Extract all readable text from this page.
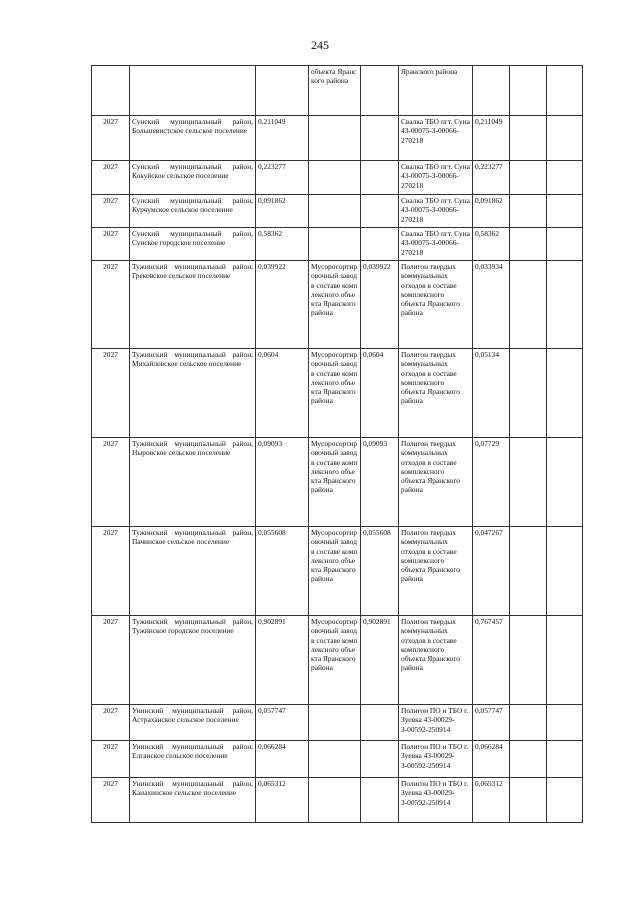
245

			объекта Яранского района		Яранского района			

2027	Сунский муниципальный район, Большевистское сельское поселение	0,211049			Свалка ТБО пгт. Суна 43-00075-З-00066-270218	0,211049		

2027	Сунский муниципальный район, Кокуйское сельское поселение	0,223277			Свалка ТБО пгт. Суна 43-00075-З-00066-270218	0,223277		

2027	Сунский муниципальный район, Курчумское сельское поселение	0,091862			Свалка ТБО пгт. Суна 43-00075-З-00066-270218	0,091862		

2027	Сунский муниципальный район, Сунское городское поселение	0,58362			Свалка ТБО пгт. Суна 43-00075-З-00066-270218	0,58362		

2027	Тужинский муниципальный район, Грековское сельское поселение	0,039922	Мусоросортировочный завод в составе комплексного объекта Яранского района	0,039922	Полигон твердых коммунальных отходов в составе комплексного объекта Яранского района	0,033934		

2027	Тужинский муниципальный район, Михайловское сельское поселение	0,0604	Мусоросортировочный завод в составе комплексного объекта Яранского района	0,0604	Полигон твердых коммунальных отходов в составе комплексного объекта Яранского района	0,05134		

2027	Тужинский муниципальный район, Ныровское сельское поселение	0,09093	Мусоросортировочный завод в составе комплексного объекта Яранского района	0,09093	Полигон твердых коммунальных отходов в составе комплексного объекта Яранского района	0,07729		

2027	Тужинский муниципальный район, Пачинское сельское поселение	0,055608	Мусоросортировочный завод в составе комплексного объекта Яранского района	0,055608	Полигон твердых коммунальных отходов в составе комплексного объекта Яранского района	0,047267		

2027	Тужинский муниципальный район, Тужинское городское поселение	0,902891	Мусоросортировочный завод в составе комплексного объекта Яранского района	0,902891	Полигон твердых коммунальных отходов в составе комплексного объекта Яранского района	0,767457		

2027	Унинский муниципальный район, Астраханское сельское поселение	0,057747			Полигон ПО и ТБО г. Зуевка 43-00029-З-00592-250914	0,057747		

2027	Унинский муниципальный район, Елганское сельское поселение	0,066284			Полигон ПО и ТБО г. Зуевка 43-00029-З-00592-250914	0,066284		

2027	Унинский муниципальный район, Канахинское сельское поселение	0,065312			Полигон ПО и ТБО г. Зуевка 43-00029-З-00592-250914	0,065312		
